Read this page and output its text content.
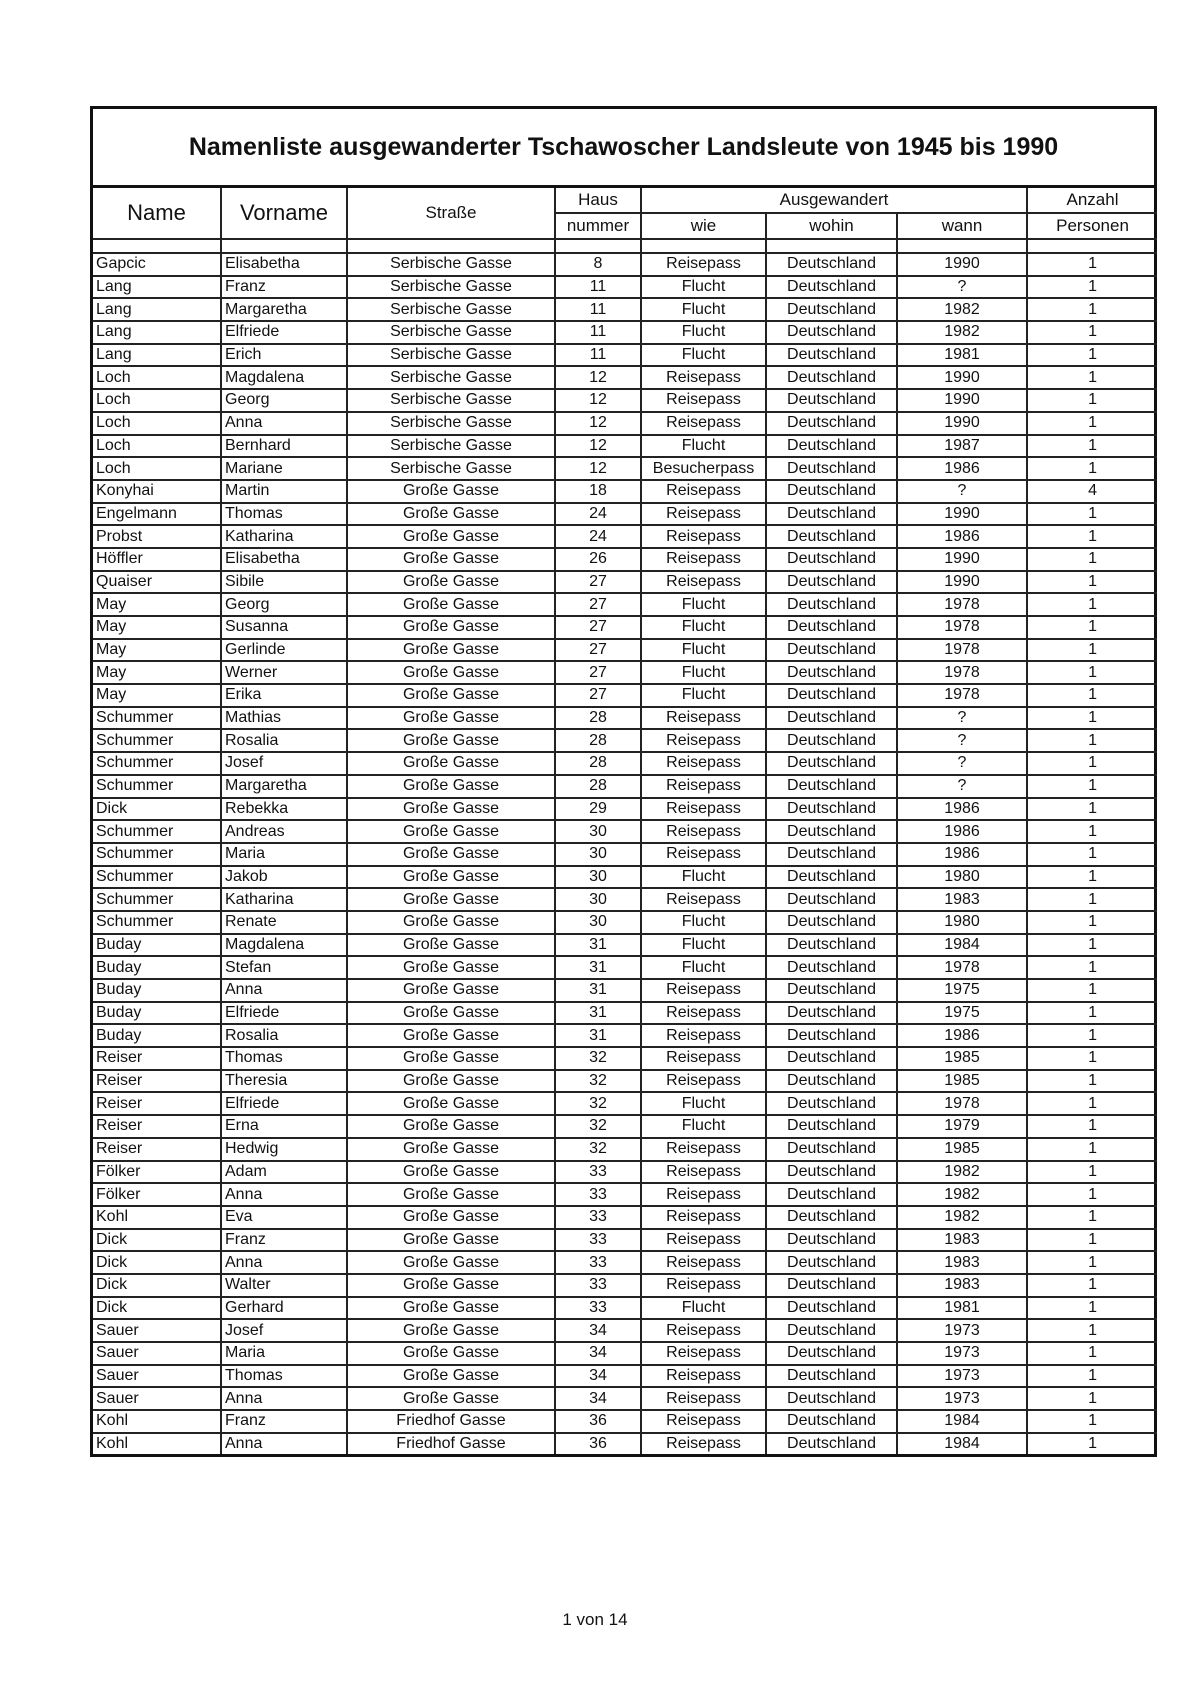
Namenliste ausgewanderter Tschawoscher Landsleute von 1945 bis 1990
Name	Vorname	Straße	Haus	Ausgewandert			Anzahl
			nummer	wie	wohin	wann	Personen

Gapcic	Elisabetha	Serbische Gasse	8	Reisepass	Deutschland	1990	1
Lang	Franz	Serbische Gasse	11	Flucht	Deutschland	?	1
Lang	Margaretha	Serbische Gasse	11	Flucht	Deutschland	1982	1
Lang	Elfriede	Serbische Gasse	11	Flucht	Deutschland	1982	1
Lang	Erich	Serbische Gasse	11	Flucht	Deutschland	1981	1
Loch	Magdalena	Serbische Gasse	12	Reisepass	Deutschland	1990	1
Loch	Georg	Serbische Gasse	12	Reisepass	Deutschland	1990	1
Loch	Anna	Serbische Gasse	12	Reisepass	Deutschland	1990	1
Loch	Bernhard	Serbische Gasse	12	Flucht	Deutschland	1987	1
Loch	Mariane	Serbische Gasse	12	Besucherpass	Deutschland	1986	1
Konyhai	Martin	Große Gasse	18	Reisepass	Deutschland	?	4
Engelmann	Thomas	Große Gasse	24	Reisepass	Deutschland	1990	1
Probst	Katharina	Große Gasse	24	Reisepass	Deutschland	1986	1
Höffler	Elisabetha	Große Gasse	26	Reisepass	Deutschland	1990	1
Quaiser	Sibile	Große Gasse	27	Reisepass	Deutschland	1990	1
May	Georg	Große Gasse	27	Flucht	Deutschland	1978	1
May	Susanna	Große Gasse	27	Flucht	Deutschland	1978	1
May	Gerlinde	Große Gasse	27	Flucht	Deutschland	1978	1
May	Werner	Große Gasse	27	Flucht	Deutschland	1978	1
May	Erika	Große Gasse	27	Flucht	Deutschland	1978	1
Schummer	Mathias	Große Gasse	28	Reisepass	Deutschland	?	1
Schummer	Rosalia	Große Gasse	28	Reisepass	Deutschland	?	1
Schummer	Josef	Große Gasse	28	Reisepass	Deutschland	?	1
Schummer	Margaretha	Große Gasse	28	Reisepass	Deutschland	?	1
Dick	Rebekka	Große Gasse	29	Reisepass	Deutschland	1986	1
Schummer	Andreas	Große Gasse	30	Reisepass	Deutschland	1986	1
Schummer	Maria	Große Gasse	30	Reisepass	Deutschland	1986	1
Schummer	Jakob	Große Gasse	30	Flucht	Deutschland	1980	1
Schummer	Katharina	Große Gasse	30	Reisepass	Deutschland	1983	1
Schummer	Renate	Große Gasse	30	Flucht	Deutschland	1980	1
Buday	Magdalena	Große Gasse	31	Flucht	Deutschland	1984	1
Buday	Stefan	Große Gasse	31	Flucht	Deutschland	1978	1
Buday	Anna	Große Gasse	31	Reisepass	Deutschland	1975	1
Buday	Elfriede	Große Gasse	31	Reisepass	Deutschland	1975	1
Buday	Rosalia	Große Gasse	31	Reisepass	Deutschland	1986	1
Reiser	Thomas	Große Gasse	32	Reisepass	Deutschland	1985	1
Reiser	Theresia	Große Gasse	32	Reisepass	Deutschland	1985	1
Reiser	Elfriede	Große Gasse	32	Flucht	Deutschland	1978	1
Reiser	Erna	Große Gasse	32	Flucht	Deutschland	1979	1
Reiser	Hedwig	Große Gasse	32	Reisepass	Deutschland	1985	1
Fölker	Adam	Große Gasse	33	Reisepass	Deutschland	1982	1
Fölker	Anna	Große Gasse	33	Reisepass	Deutschland	1982	1
Kohl	Eva	Große Gasse	33	Reisepass	Deutschland	1982	1
Dick	Franz	Große Gasse	33	Reisepass	Deutschland	1983	1
Dick	Anna	Große Gasse	33	Reisepass	Deutschland	1983	1
Dick	Walter	Große Gasse	33	Reisepass	Deutschland	1983	1
Dick	Gerhard	Große Gasse	33	Flucht	Deutschland	1981	1
Sauer	Josef	Große Gasse	34	Reisepass	Deutschland	1973	1
Sauer	Maria	Große Gasse	34	Reisepass	Deutschland	1973	1
Sauer	Thomas	Große Gasse	34	Reisepass	Deutschland	1973	1
Sauer	Anna	Große Gasse	34	Reisepass	Deutschland	1973	1
Kohl	Franz	Friedhof Gasse	36	Reisepass	Deutschland	1984	1
Kohl	Anna	Friedhof Gasse	36	Reisepass	Deutschland	1984	1
1 von 14
